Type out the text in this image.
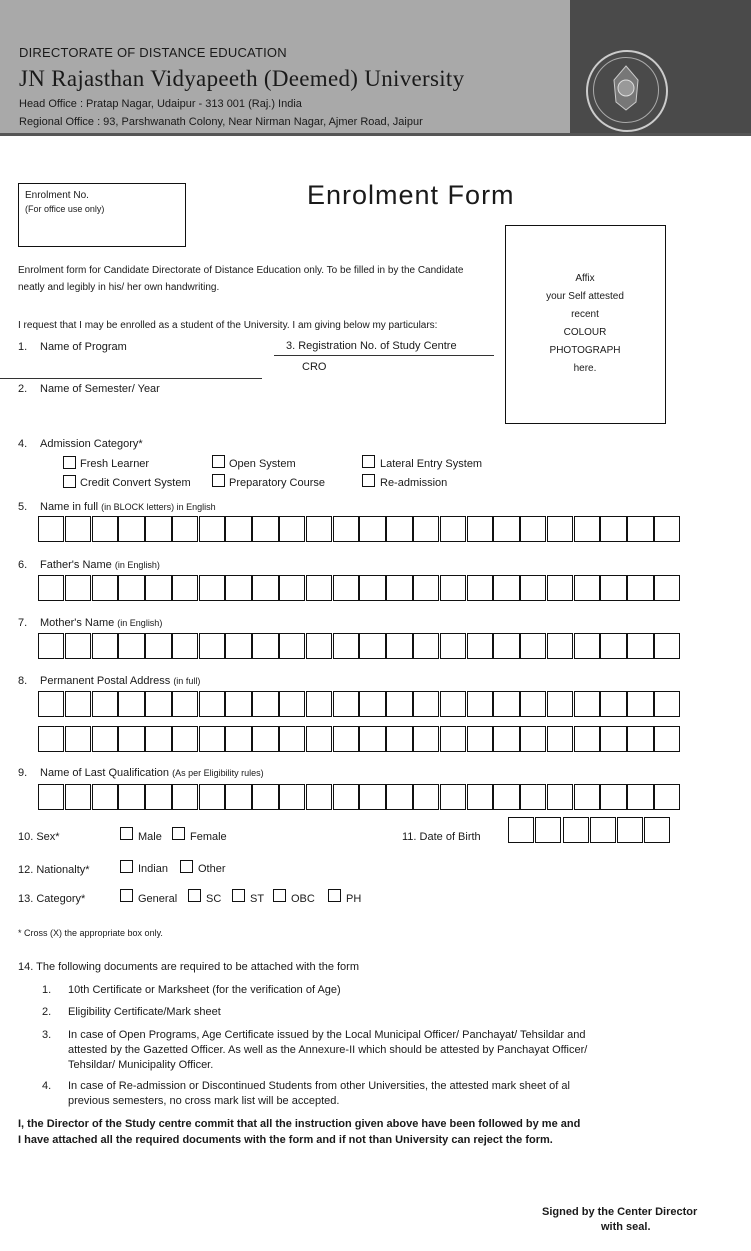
DIRECTORATE OF DISTANCE EDUCATION
JN Rajasthan Vidyapeeth (Deemed) University
Head Office : Pratap Nagar, Udaipur - 313 001 (Raj.) India
Regional Office : 93, Parshwanath Colony, Near Nirman Nagar, Ajmer Road, Jaipur
Enrolment No.
(For office use only)	Enrolment Form
Affix
your Self attested
recent
COLOUR
PHOTOGRAPH
here.
Enrolment form for Candidate Directorate of Distance Education only. To be filled in by the Candidate
neatly and legibly in his/ her own handwriting.
I request that I may be enrolled as a student of the University. I am giving below my particulars:
1. Name of Program	3. Registration No. of Study Centre
CRO
2. Name of Semester/ Year
4. Admission Category*
Fresh Learner	Open System	Lateral Entry System
Credit Convert System	Preparatory Course	Re-admission
5. Name in full (in BLOCK letters) in English
6. Father's Name (in English)
7. Mother's Name (in English)
8. Permanent Postal Address (in full)
9. Name of Last Qualification (As per Eligibility rules)
10. Sex*	Male	Female	11. Date of Birth
12. Nationalty*	Indian	Other
13. Category*	General	SC	ST OBC	PH
* Cross (X) the appropriate box only.
14. The following documents are required to be attached with the form
1. 10th Certificate or Marksheet (for the verification of Age)
2. Eligibility Certificate/Mark sheet
3. In case of Open Programs, Age Certificate issued by the Local Municipal Officer/ Panchayat/ Tehsildar and
attested by the Gazetted Officer. As well as the Annexure-II which should be attested by Panchayat Officer/
Tehsildar/ Municipality Officer.
4. In case of Re-admission or Discontinued Students from other Universities, the attested mark sheet of al
previous semesters, no cross mark list will be accepted.
I, the Director of the Study centre commit that all the instruction given above have been followed by me and
I have attached all the required documents with the form and if not than University can reject the form.
Signed by the Center Director
with seal.
